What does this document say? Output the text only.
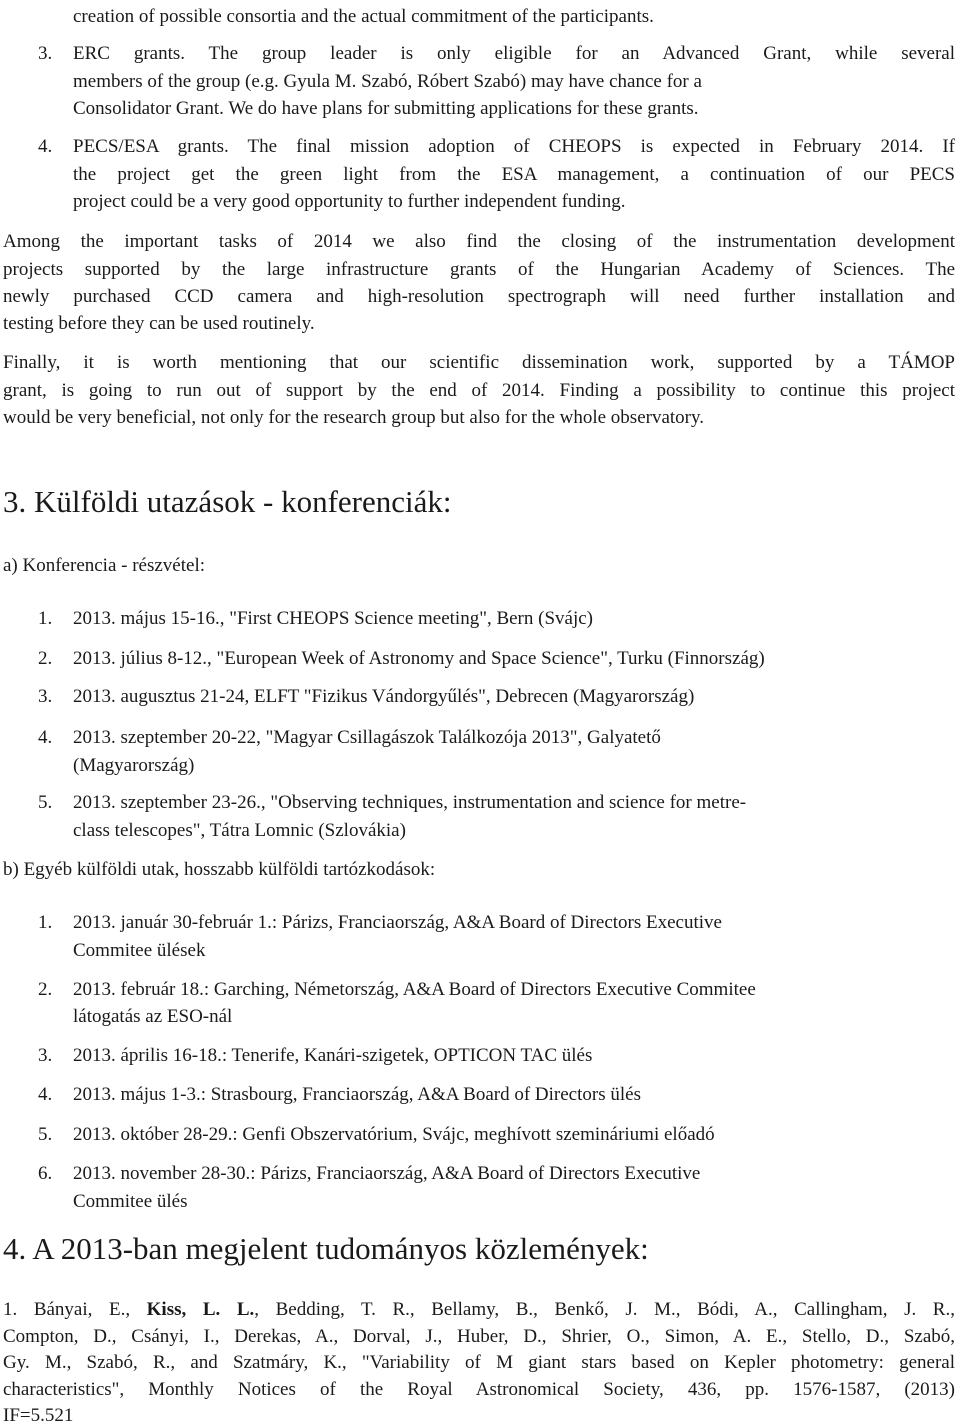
creation of possible consortia and the actual commitment of the participants.
3. ERC grants. The group leader is only eligible for an Advanced Grant, while several
members of the group (e.g. Gyula M. Szabó, Róbert Szabó) may have chance for a
Consolidator Grant. We do have plans for submitting applications for these grants.
4. PECS/ESA grants. The final mission adoption of CHEOPS is expected in February 2014. If
the project get the green light from the ESA management, a continuation of our PECS
project could be a very good opportunity to further independent funding.
Among the important tasks of 2014 we also find the closing of the instrumentation development
projects supported by the large infrastructure grants of the Hungarian Academy of Sciences. The
newly purchased CCD camera and high-resolution spectrograph will need further installation and
testing before they can be used routinely.
Finally, it is worth mentioning that our scientific dissemination work, supported by a TÁMOP
grant, is going to run out of support by the end of 2014. Finding a possibility to continue this project
would be very beneficial, not only for the research group but also for the whole observatory.
3. Külföldi utazások - konferenciák:
a) Konferencia - részvétel:
1. 2013. május 15-16., "First CHEOPS Science meeting", Bern (Svájc)
2. 2013. július 8-12., "European Week of Astronomy and Space Science", Turku (Finnország)
3. 2013. augusztus 21-24, ELFT "Fizikus Vándorgyűlés", Debrecen (Magyarország)
4. 2013. szeptember 20-22, "Magyar Csillagászok Találkozója 2013", Galyatető
(Magyarország)
5. 2013. szeptember 23-26., "Observing techniques, instrumentation and science for metre-
class telescopes", Tátra Lomnic (Szlovákia)
b) Egyéb külföldi utak, hosszabb külföldi tartózkodások:
1. 2013. január 30-február 1.: Párizs, Franciaország, A&A Board of Directors Executive
Commitee ülések
2. 2013. február 18.: Garching, Németország, A&A Board of Directors Executive Commitee
látogatás az ESO-nál
3. 2013. április 16-18.: Tenerife, Kanári-szigetek, OPTICON TAC ülés
4. 2013. május 1-3.: Strasbourg, Franciaország, A&A Board of Directors ülés
5. 2013. október 28-29.: Genfi Obszervatórium, Svájc, meghívott szemináriumi előadó
6. 2013. november 28-30.: Párizs, Franciaország, A&A Board of Directors Executive
Commitee ülés
4. A 2013-ban megjelent tudományos közlemények:
1. Bányai, E., Kiss, L. L., Bedding, T. R., Bellamy, B., Benkő, J. M., Bódi, A., Callingham, J. R.,
Compton, D., Csányi, I., Derekas, A., Dorval, J., Huber, D., Shrier, O., Simon, A. E., Stello, D., Szabó,
Gy. M., Szabó, R., and Szatmáry, K., "Variability of M giant stars based on Kepler photometry: general
characteristics", Monthly Notices of the Royal Astronomical Society, 436, pp. 1576-1587, (2013)
IF=5.521
